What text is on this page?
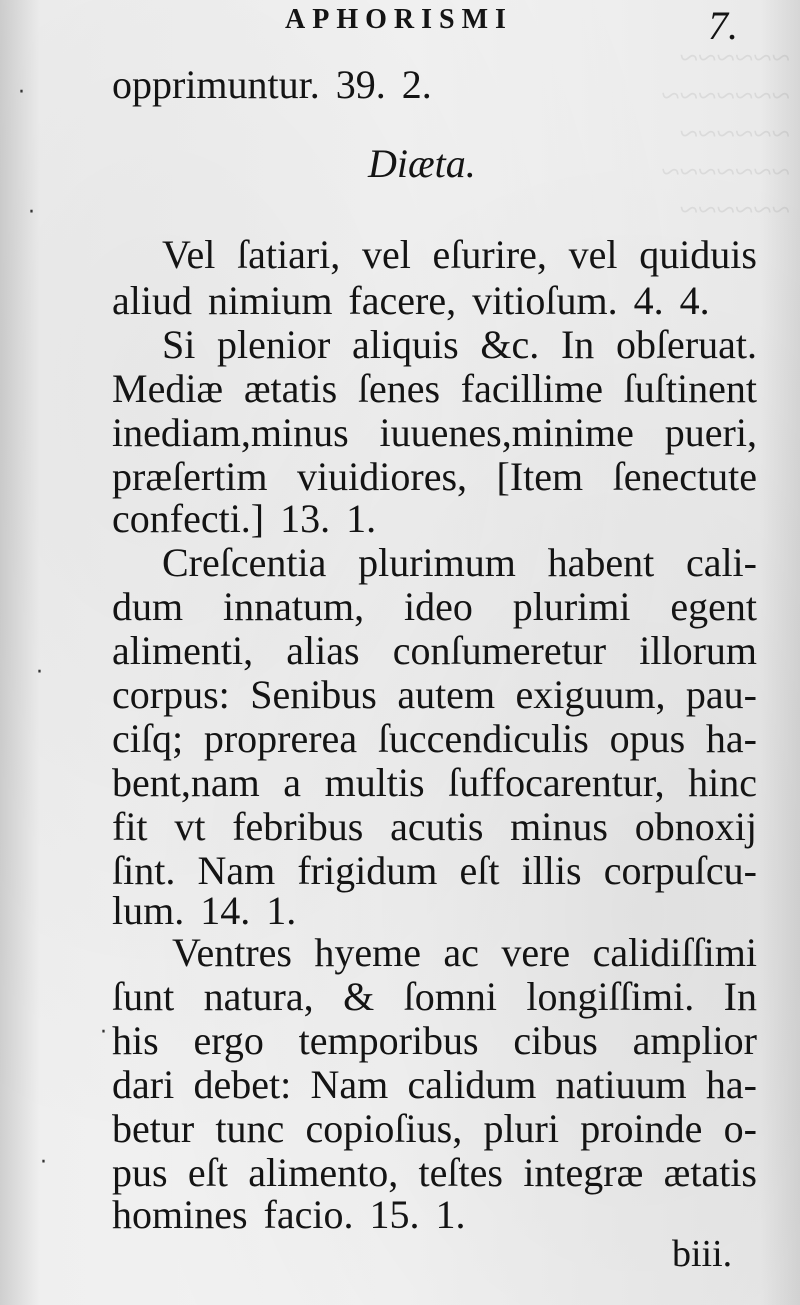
~~~~~~
~~~~~~~
~~~~~~
~~~~~~~
~~~~~~
APHORISMI	7.
opprimuntur. 39. 2.
Diæta.
Vel ſatiari, vel eſurire, vel quiduis
aliud nimium facere, vitioſum. 4. 4.
Si plenior aliquis &c. In obſeruat.
Mediæ ætatis ſenes facillime ſuſtinent
inediam,minus iuuenes,minime pueri,
præſertim viuidiores, [Item ſenectute
confecti.] 13. 1.
Creſcentia plurimum habent cali-
dum innatum, ideo plurimi egent
alimenti, alias conſumeretur illorum
corpus: Senibus autem exiguum, pau-
ciſq; proprerea ſuccendiculis opus ha-
bent,nam a multis ſuffocarentur, hinc
fit vt febribus acutis minus obnoxij
ſint. Nam frigidum eſt illis corpuſcu-
lum. 14. 1.
Ventres hyeme ac vere calidiſſimi
ſunt natura, & ſomni longiſſimi. In
his ergo temporibus cibus amplior
dari debet: Nam calidum natiuum ha-
betur tunc copioſius, pluri proinde o-
pus eſt alimento, teſtes integræ ætatis
homines facio. 15. 1.
biii.
·
·
·
·
·
